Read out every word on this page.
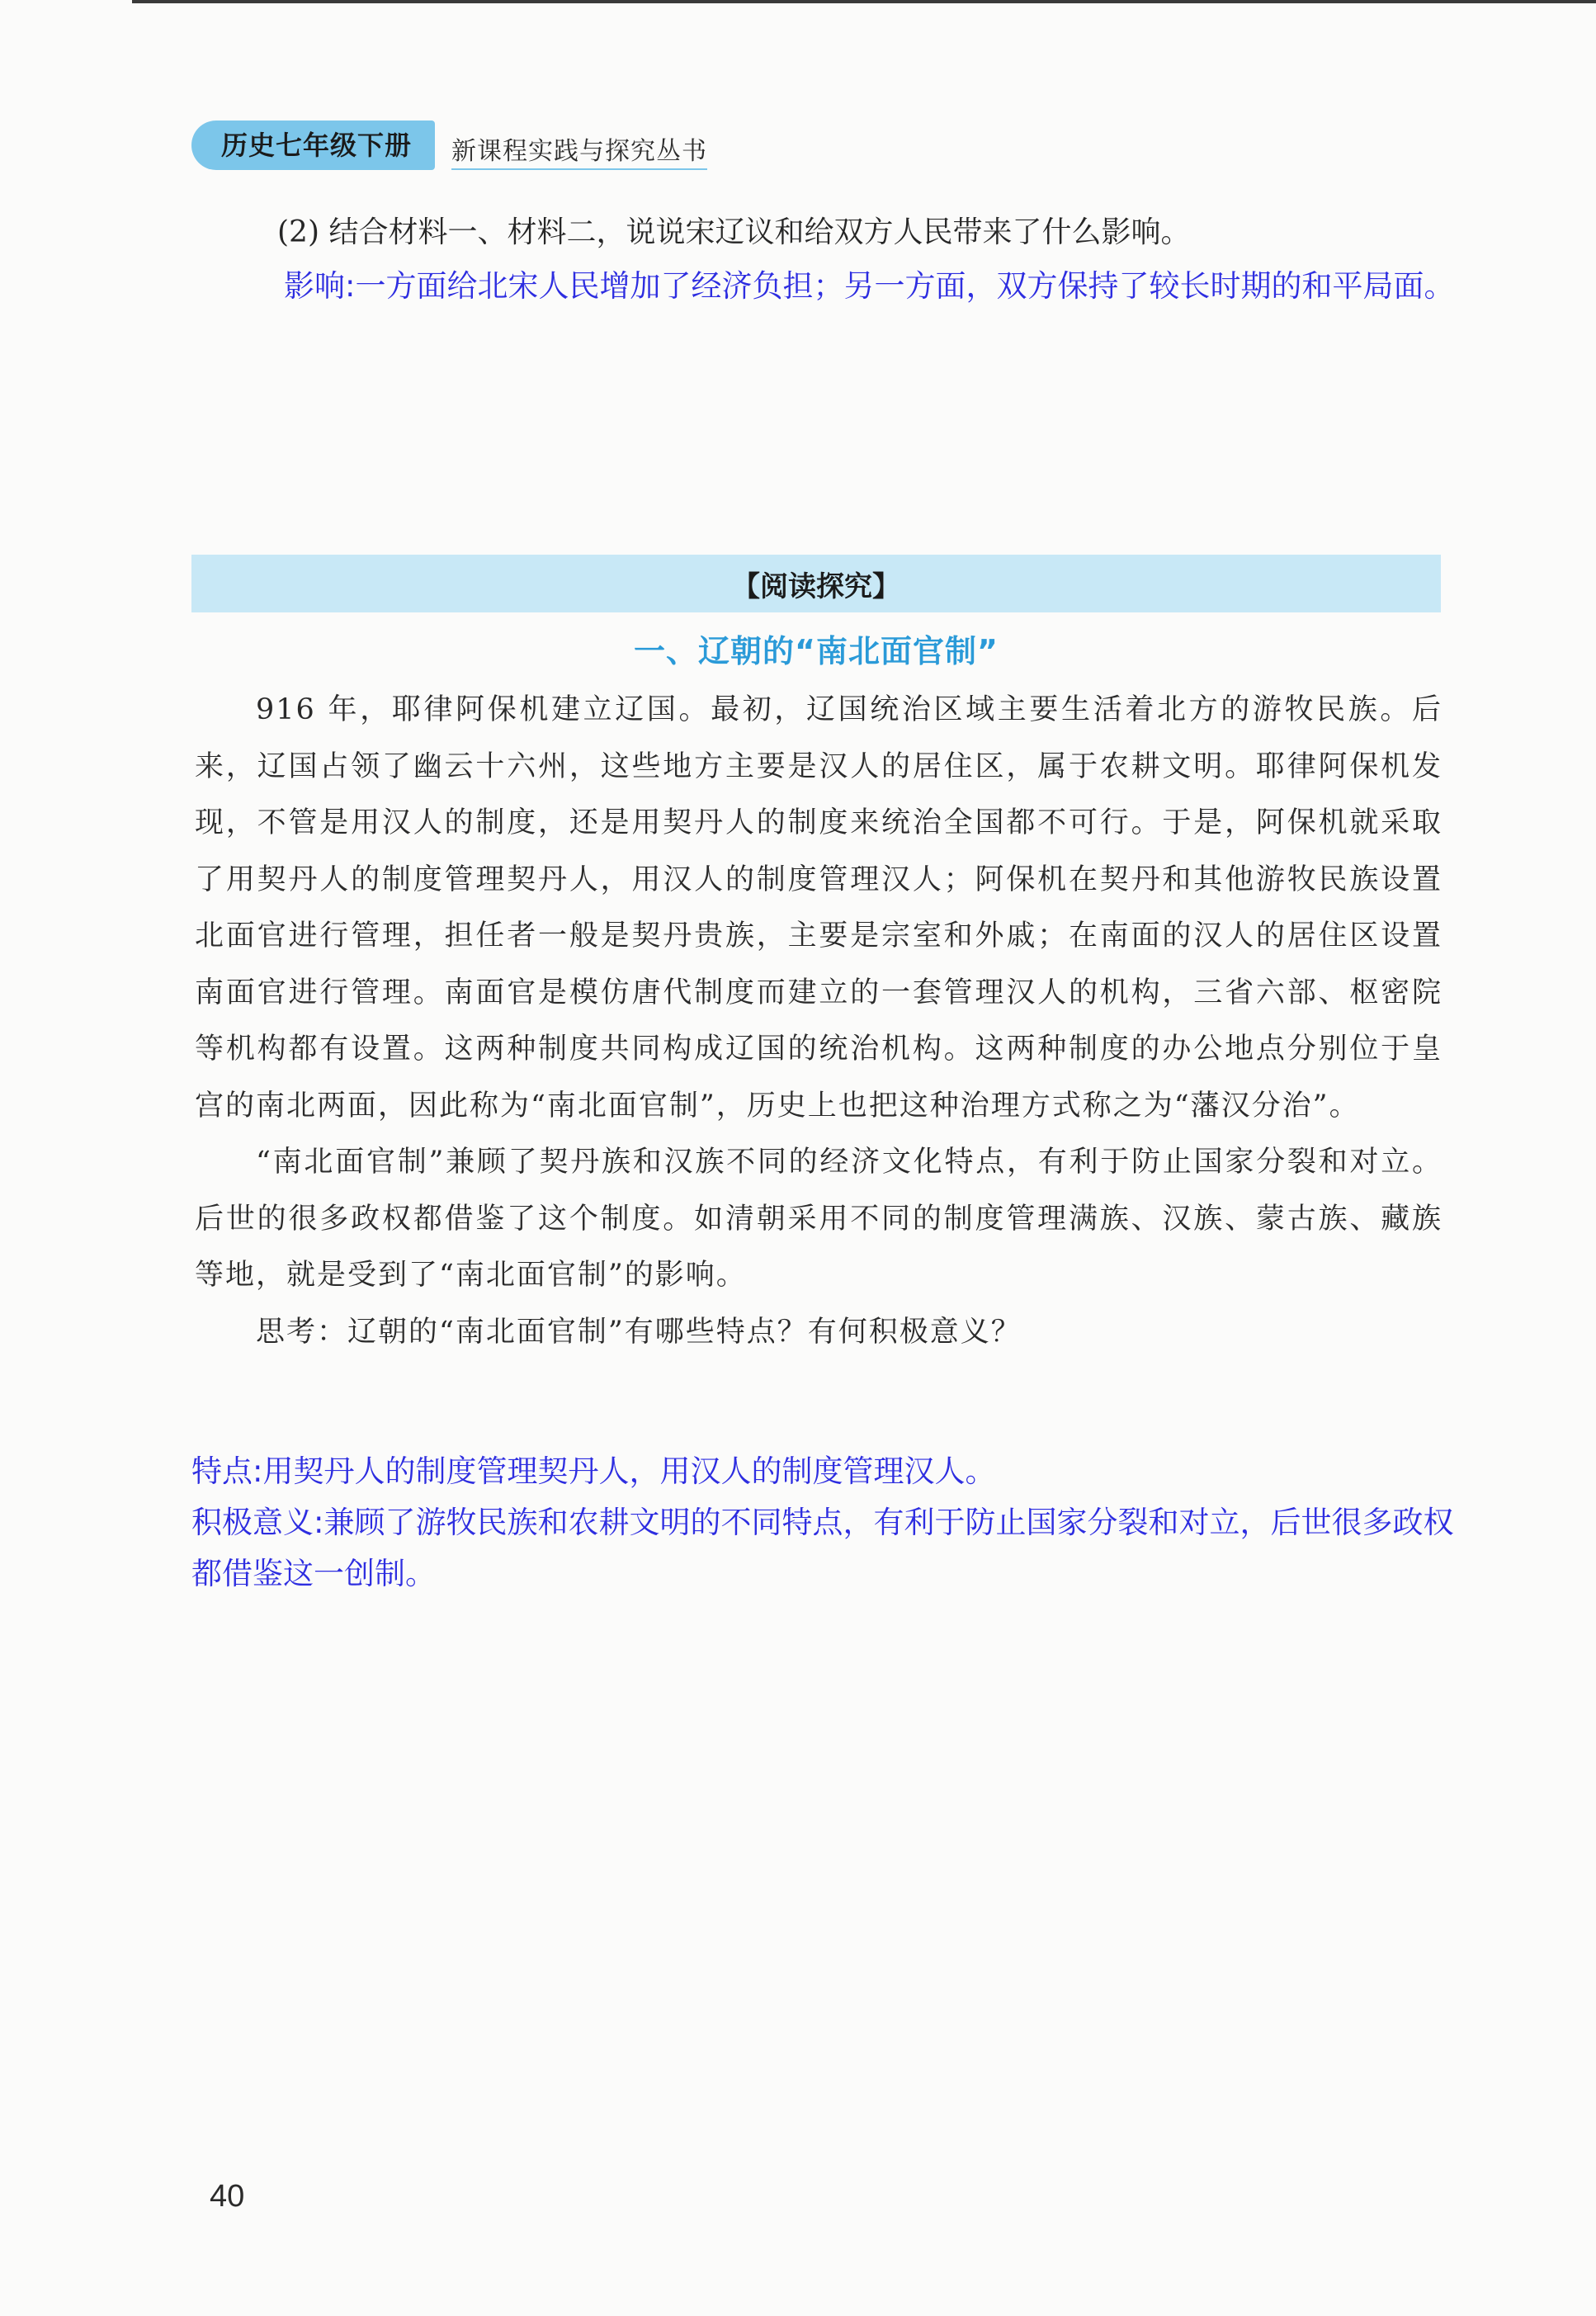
历史七年级下册	新课程实践与探究丛书
(2) 结合材料一、材料二，说说宋辽议和给双方人民带来了什么影响。
影响:一方面给北宋人民增加了经济负担；另一方面，双方保持了较长时期的和平局面。
【阅读探究】
一、辽朝的“南北面官制”

916 年，耶律阿保机建立辽国。最初，辽国统治区域主要生活着北方的游牧民族。后来，辽国占领了幽云十六州，这些地方主要是汉人的居住区，属于农耕文明。耶律阿保机发现，不管是用汉人的制度，还是用契丹人的制度来统治全国都不可行。于是，阿保机就采取了用契丹人的制度管理契丹人，用汉人的制度管理汉人；阿保机在契丹和其他游牧民族设置北面官进行管理，担任者一般是契丹贵族，主要是宗室和外戚；在南面的汉人的居住区设置南面官进行管理。南面官是模仿唐代制度而建立的一套管理汉人的机构，三省六部、枢密院等机构都有设置。这两种制度共同构成辽国的统治机构。这两种制度的办公地点分别位于皇宫的南北两面，因此称为“南北面官制”，历史上也把这种治理方式称之为“藩汉分治”。

“南北面官制”兼顾了契丹族和汉族不同的经济文化特点，有利于防止国家分裂和对立。后世的很多政权都借鉴了这个制度。如清朝采用不同的制度管理满族、汉族、蒙古族、藏族等地，就是受到了“南北面官制”的影响。

思考：辽朝的“南北面官制”有哪些特点？有何积极意义？

特点:用契丹人的制度管理契丹人，用汉人的制度管理汉人。
积极意义:兼顾了游牧民族和农耕文明的不同特点，有利于防止国家分裂和对立，后世很多政权都借鉴这一创制。
40
